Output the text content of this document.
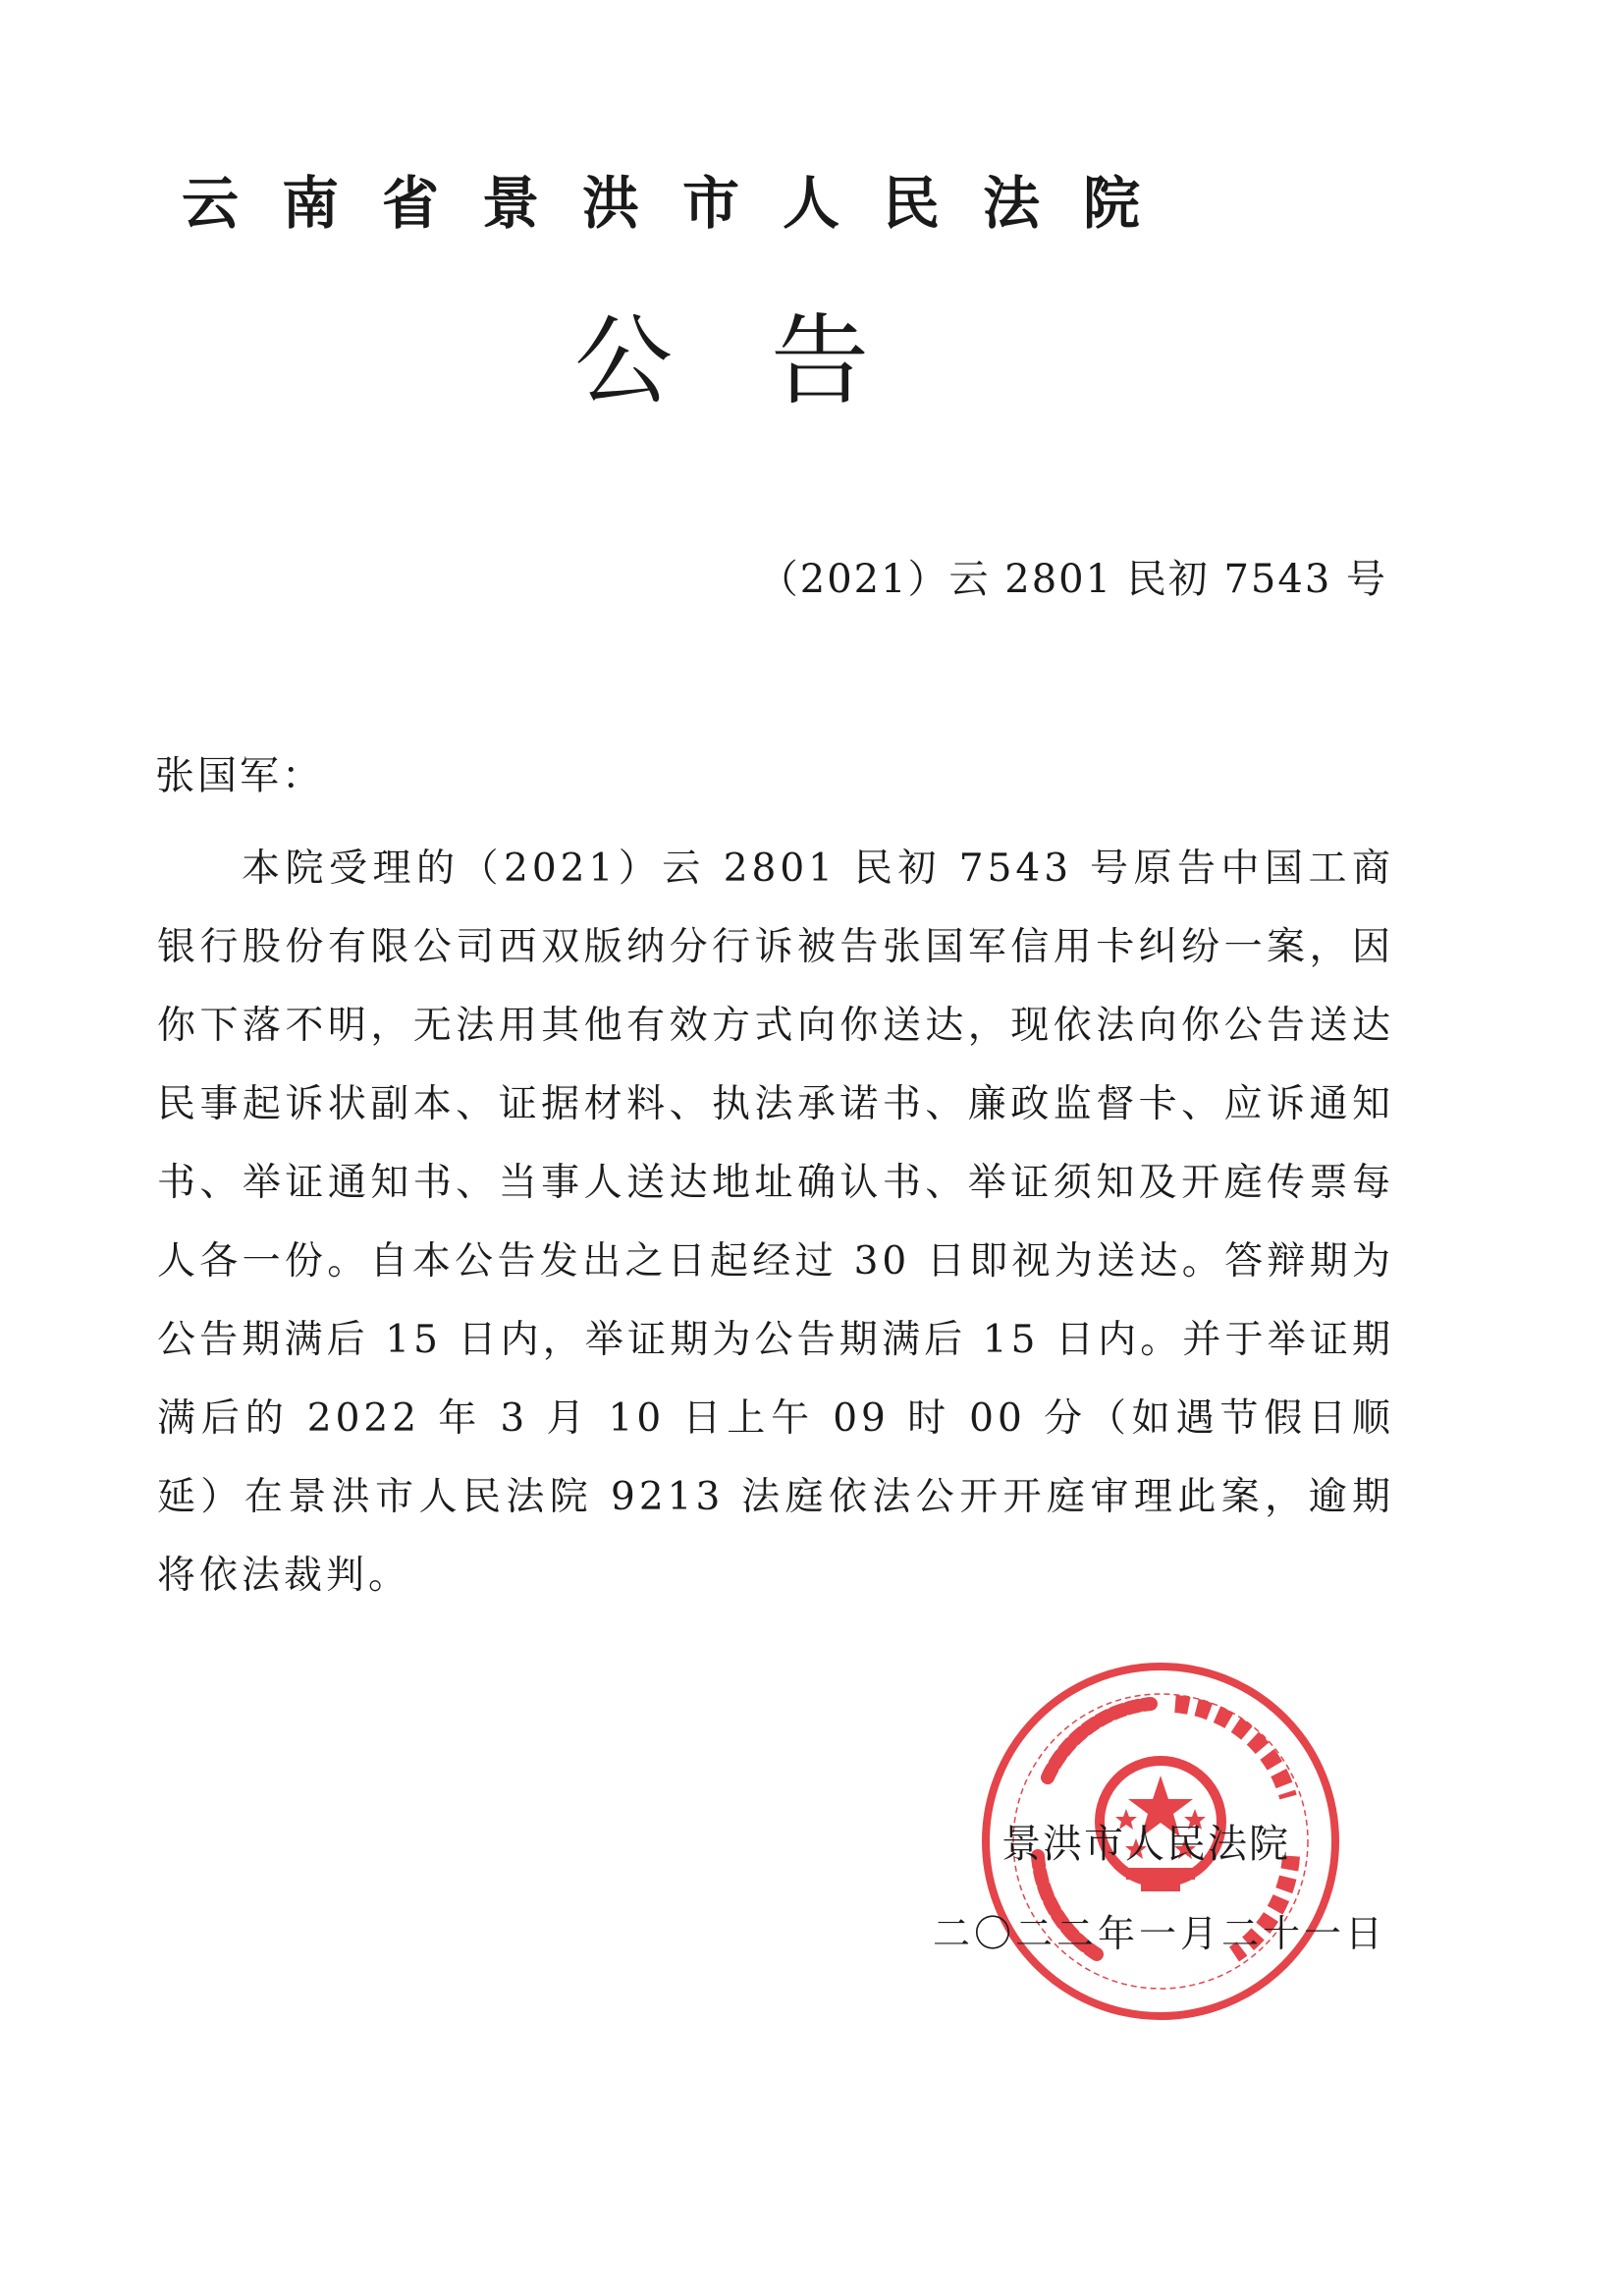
云南省景洪市人民法院
公告
（2021）云 2801 民初 7543 号
张国军：

本院受理的（2021）云 2801 民初 7543 号原告中国工商银行股份有限公司西双版纳分行诉被告张国军信用卡纠纷一案，因你下落不明，无法用其他有效方式向你送达，现依法向你公告送达民事起诉状副本、证据材料、执法承诺书、廉政监督卡、应诉通知书、举证通知书、当事人送达地址确认书、举证须知及开庭传票每人各一份。自本公告发出之日起经过 30 日即视为送达。答辩期为公告期满后 15 日内，举证期为公告期满后 15 日内。并于举证期满后的 2022 年 3 月 10 日上午 09 时 00 分（如遇节假日顺延）在景洪市人民法院 9213 法庭依法公开开庭审理此案，逾期将依法裁判。

景洪市人民法院
二〇二二年一月二十一日
